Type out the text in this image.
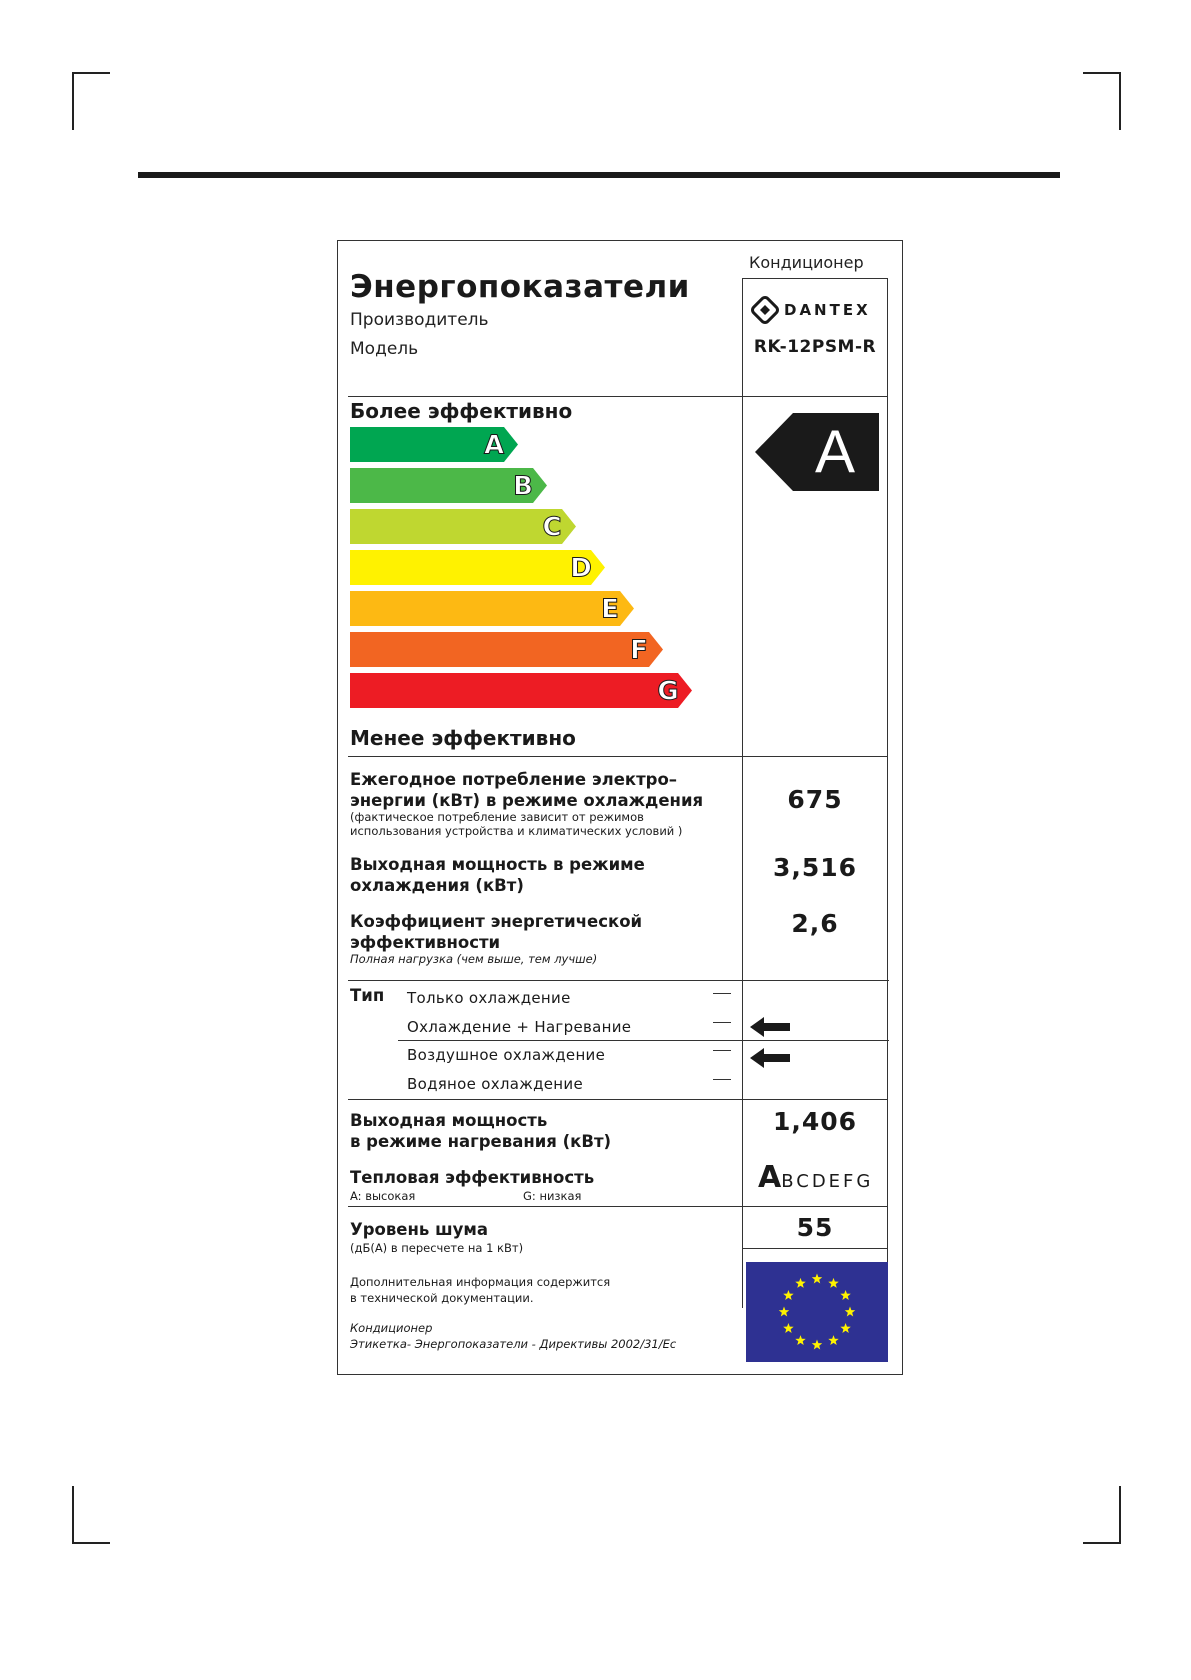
Энергопоказатели
Производитель
Модель
Кондиционер
DANTEX
RK-12PSM-R
Более эффективно
A
B
C
D
E
F
G
Менее эффективно
A
Ежегодное потребление электро–
энергии (кВт) в режиме охлаждения
(фактическое потребление зависит от режимов
использования устройства и климатических условий )
675
Выходная мощность в режиме
охлаждения (кВт)
3,516
Коэффициент энергетической
эффективности
Полная нагрузка (чем выше, тем лучше)
2,6
Тип Только охлаждение
Охлаждение + Нагревание
Воздушное охлаждение
Водяное охлаждение
Выходная мощность
в режиме нагревания (кВт)
1,406
Тепловая эффективность
A: высокая	G: низкая
ABCDEFG
Уровень шума
(дБ(А) в пересчете на 1 кВт)
55
Дополнительная информация содержится
в технической документации.
Кондиционер
Этикетка- Энергопоказатели - Директивы 2002/31/Ес
